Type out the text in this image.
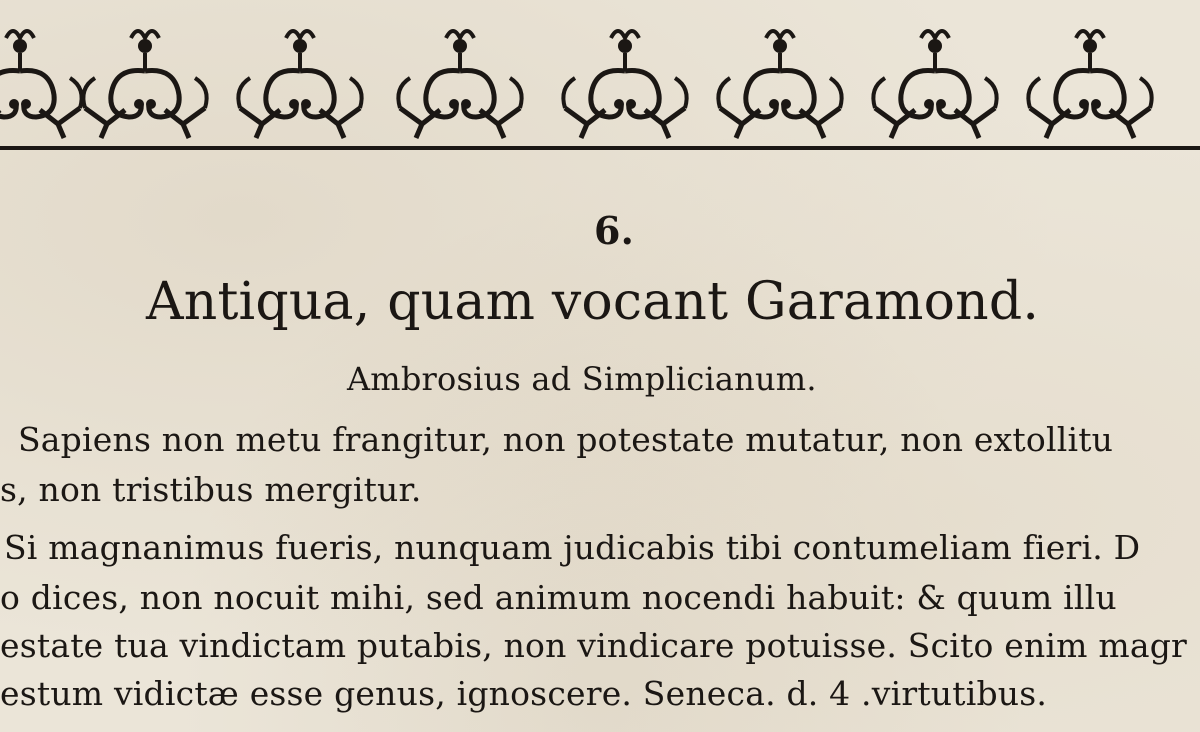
6.
Antiqua, quam vocant Garamond.
Ambrosius ad Simplicianum.
Sapiens non metu frangitur, non potestate mutatur, non extollitu
s, non tristibus mergitur.
Si magnanimus fueris, nunquam judicabis tibi contumeliam fieri. D
o dices, non nocuit mihi, sed animum nocendi habuit: & quum illu
estate tua vindictam putabis, non vindicare potuisse. Scito enim magr
estum vidictæ esse genus, ignoscere. Seneca. d. 4 .virtutibus.
